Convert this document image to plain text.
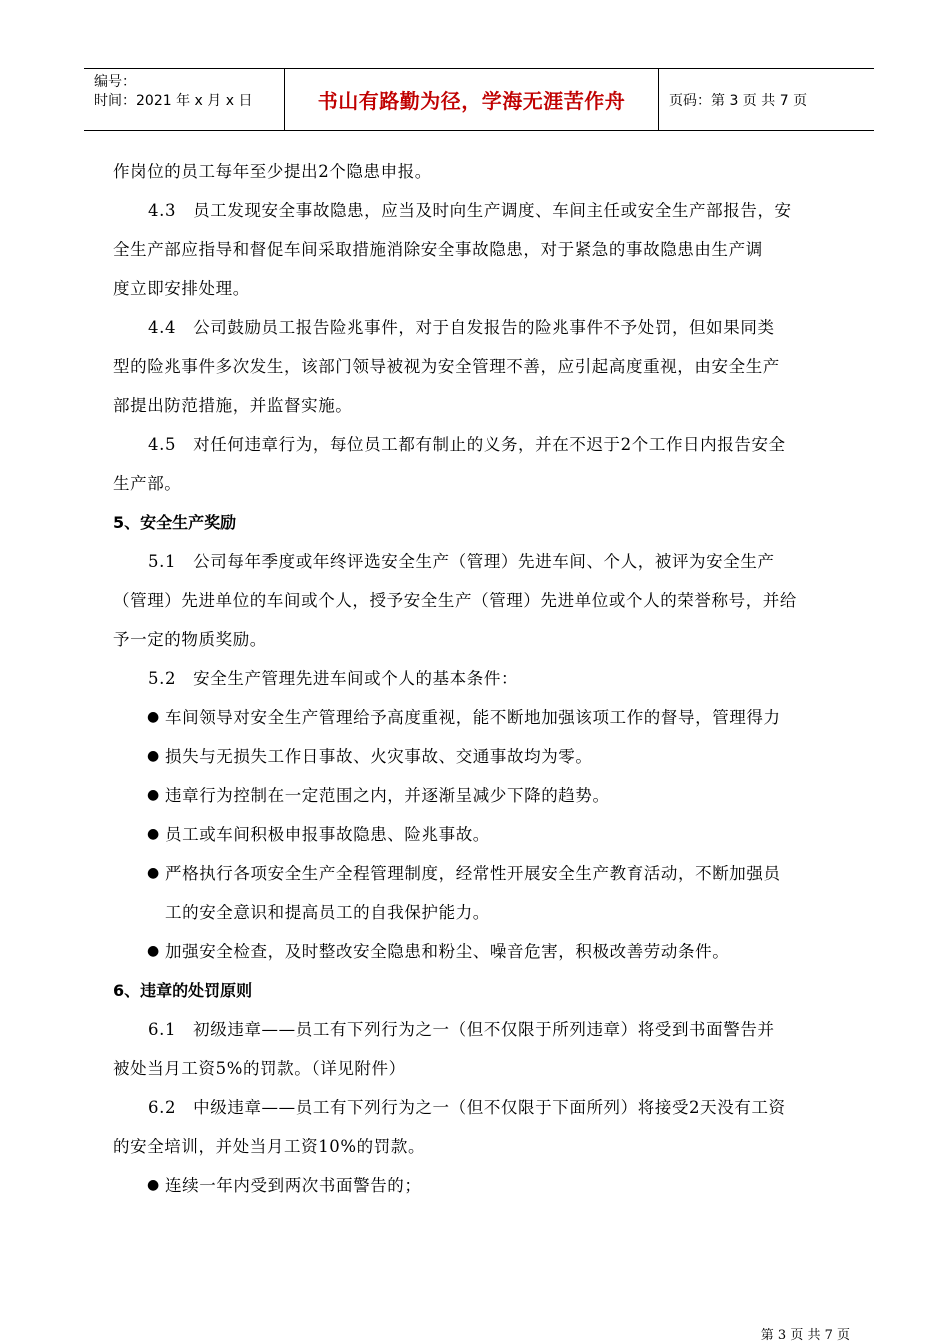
编号：
时间：2021 年 x 月 x 日	书山有路勤为径，学海无涯苦作舟	页码：第 3 页 共 7 页

作岗位的员工每年至少提出2个隐患申报。

4.3　员工发现安全事故隐患，应当及时向生产调度、车间主任或安全生产部报告，安
全生产部应指导和督促车间采取措施消除安全事故隐患，对于紧急的事故隐患由生产调
度立即安排处理。

4.4　公司鼓励员工报告险兆事件，对于自发报告的险兆事件不予处罚，但如果同类
型的险兆事件多次发生，该部门领导被视为安全管理不善，应引起高度重视，由安全生产
部提出防范措施，并监督实施。

4.5　对任何违章行为，每位员工都有制止的义务，并在不迟于2个工作日内报告安全
生产部。

5、安全生产奖励

5.1　公司每年季度或年终评选安全生产（管理）先进车间、个人，被评为安全生产
（管理）先进单位的车间或个人，授予安全生产（管理）先进单位或个人的荣誉称号，并给
予一定的物质奖励。

5.2　安全生产管理先进车间或个人的基本条件：

● 车间领导对安全生产管理给予高度重视，能不断地加强该项工作的督导，管理得力

● 损失与无损失工作日事故、火灾事故、交通事故均为零。

● 违章行为控制在一定范围之内，并逐渐呈减少下降的趋势。

● 员工或车间积极申报事故隐患、险兆事故。

● 严格执行各项安全生产全程管理制度，经常性开展安全生产教育活动，不断加强员
工的安全意识和提高员工的自我保护能力。

● 加强安全检查，及时整改安全隐患和粉尘、噪音危害，积极改善劳动条件。

6、违章的处罚原则

6.1　初级违章——员工有下列行为之一（但不仅限于所列违章）将受到书面警告并
被处当月工资5%的罚款。（详见附件）

6.2　中级违章——员工有下列行为之一（但不仅限于下面所列）将接受2天没有工资
的安全培训，并处当月工资10%的罚款。

● 连续一年内受到两次书面警告的；

第 3 页 共 7 页
